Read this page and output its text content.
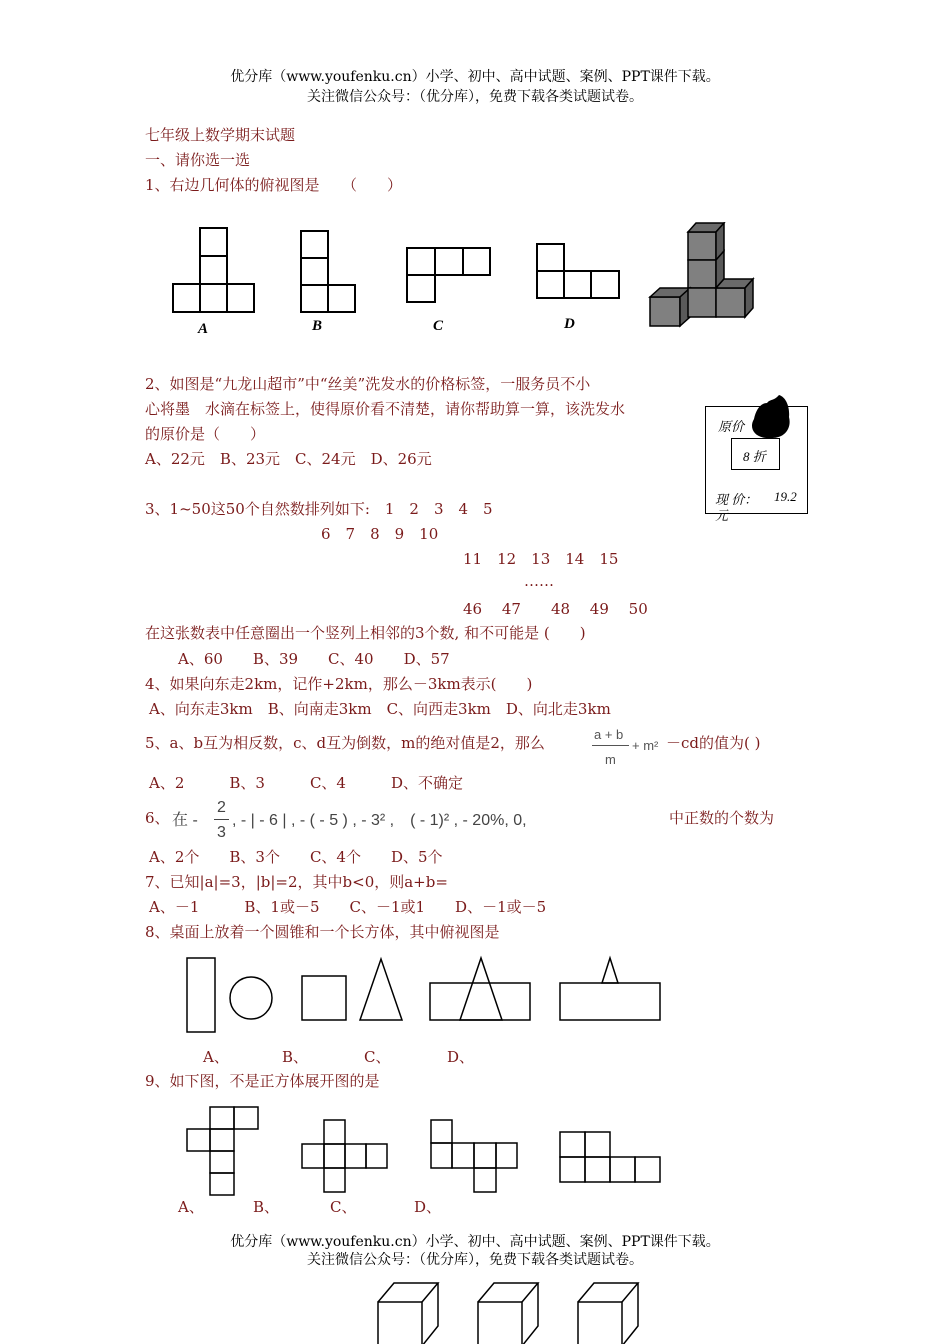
优分库（www.youfenku.cn）小学、初中、高中试题、案例、PPT课件下载。
关注微信公众号：（优分库），免费下载各类试题试卷。
七年级上数学期末试题
一、请你选一选
1、右边几何体的俯视图是　　（　　）
A	B	C	D
2、如图是“九龙山超市”中“丝美”洗发水的价格标签，一服务员不小
心将墨　水滴在标签上，使得原价看不清楚，请你帮助算一算，该洗发水
的原价是（　　）
A、22元　B、23元　C、24元　D、26元
原价
8 折
现 价： 19.2
元
3、1~50这50个自然数排列如下:　1　2　3　4　5
6　7　8　9　10
11　12　13　14　15
……
46　 47　　48　 49　 50
在这张数表中任意圈出一个竖列上相邻的3个数, 和不可能是 (　　)
A、60　　B、39　　C、40　　D、57
4、如果向东走2km，记作+2km，那么－3km表示(　　)
A、向东走3km　B、向南走3km　C、向西走3km　D、向北走3km
5、a、b互为相反数，c、d互为倒数，m的绝对值是2，那么	a + b
m
+ m² －cd的值为( )
A、2　　　B、3　　　C、4　　　D、不确定
6、 在 -
2
3
, - | - 6 | , - ( - 5 ) , - 3² ,　( - 1)² , - 20%, 0,	中正数的个数为
A、2个　　B、3个　　C、4个　　D、5个
7、已知|a|=3，|b|=2，其中b<0，则a+b=
A、－1　　　B、1或－5　　C、－1或1　　D、－1或－5
8、桌面上放着一个圆锥和一个长方体，其中俯视图是
A、	B、	C、	D、
9、如下图，不是正方体展开图的是
A、	B、	C、	D、
优分库（www.youfenku.cn）小学、初中、高中试题、案例、PPT课件下载。
关注微信公众号：（优分库），免费下载各类试题试卷。
